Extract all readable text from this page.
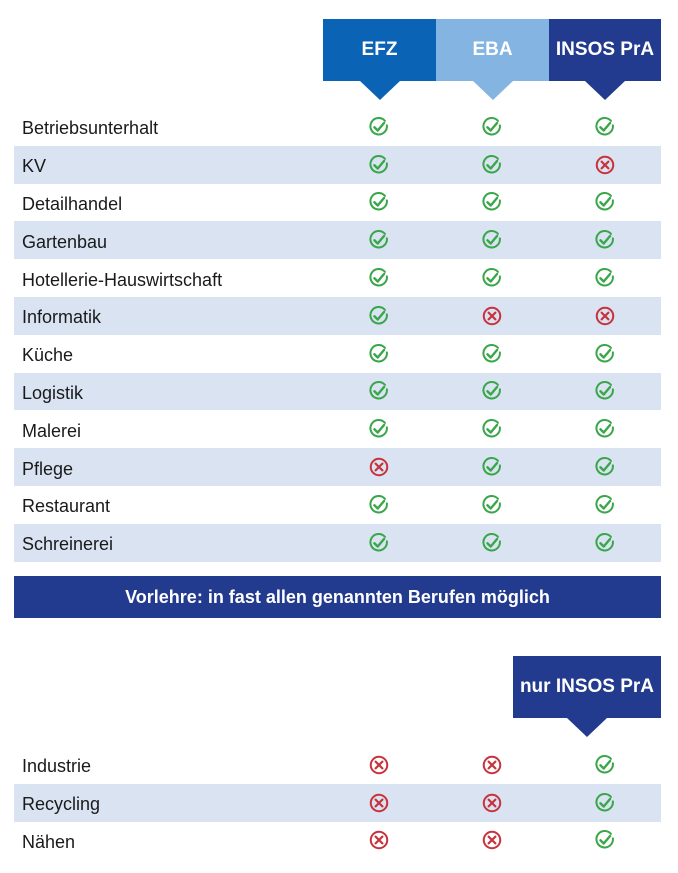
EFZ	EBA INSOS PrA
Betriebsunterhalt
KV
Detailhandel
Gartenbau
Hotellerie-Hauswirtschaft
Informatik
Küche
Logistik
Malerei
Pflege
Restaurant
Schreinerei
Vorlehre: in fast allen genannten Berufen möglich
nur INSOS PrA
Industrie
Recycling
Nähen
